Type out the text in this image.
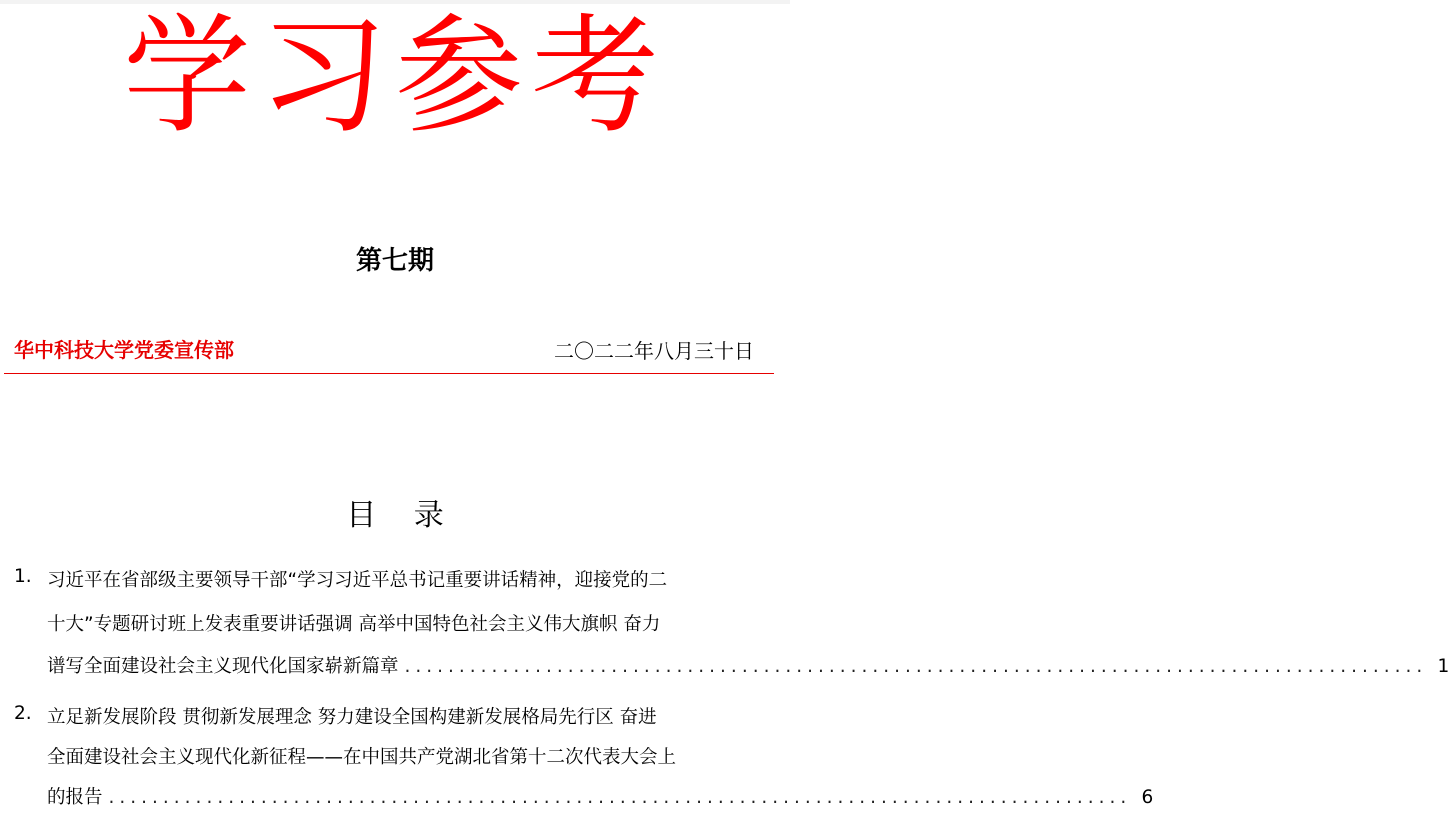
学习参考
第七期
华中科技大学党委宣传部	二〇二二年八月三十日
目 录
1. 习近平在省部级主要领导干部“学习习近平总书记重要讲话精神，迎接党的二
十大”专题研讨班上发表重要讲话强调 高举中国特色社会主义伟大旗帜 奋力
谱写全面建设社会主义现代化国家崭新篇章 .............................................................................................. 1
2. 立足新发展阶段 贯彻新发展理念 努力建设全国构建新发展格局先行区 奋进
全面建设社会主义现代化新征程——在中国共产党湖北省第十二次代表大会上
的报告 .............................................................................................. 6
